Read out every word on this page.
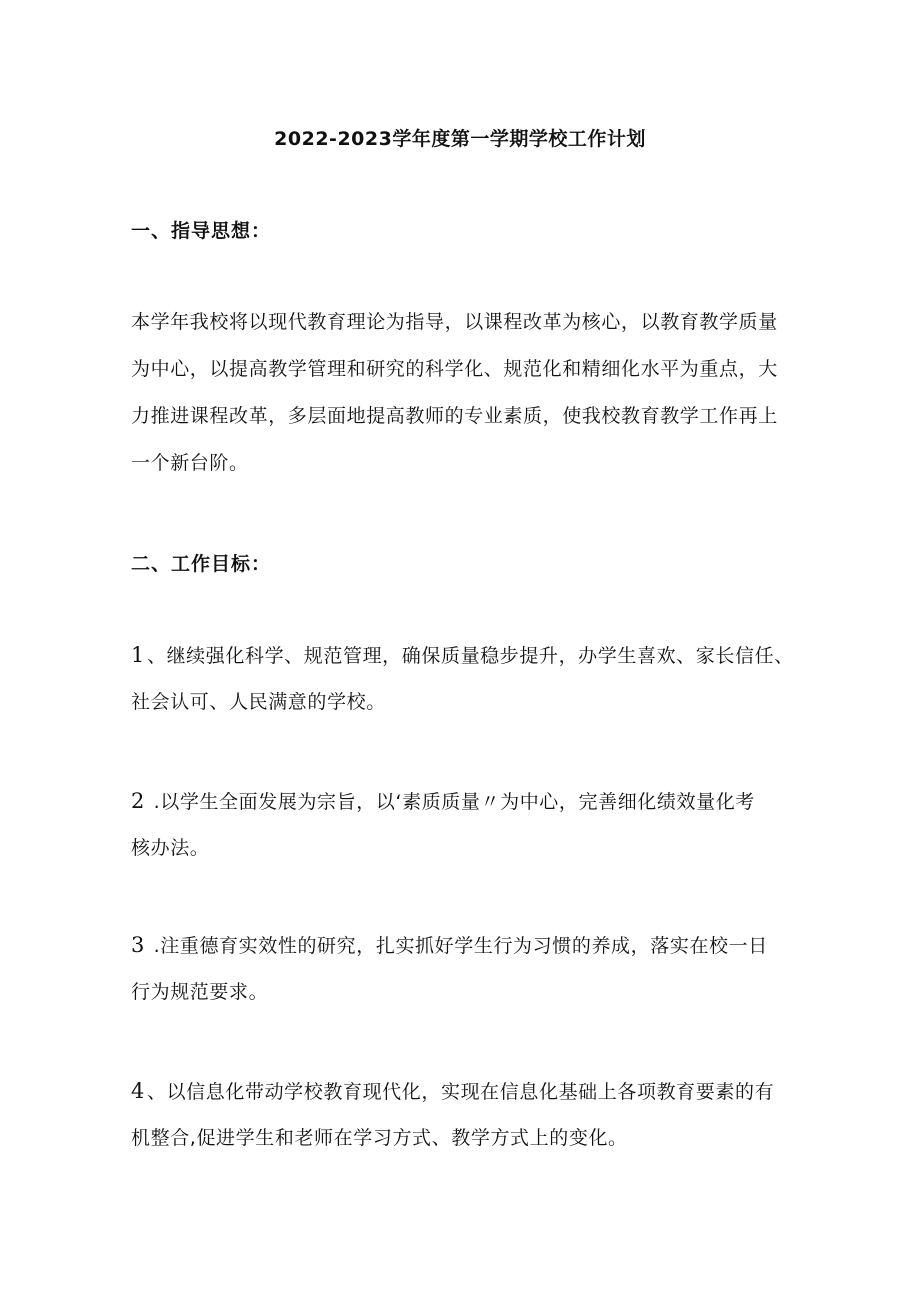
2022-2023学年度第一学期学校工作计划
一、指导思想：
本学年我校将以现代教育理论为指导，以课程改革为核心，以教育教学质量
为中心，以提高教学管理和研究的科学化、规范化和精细化水平为重点，大
力推进课程改革，多层面地提高教师的专业素质，使我校教育教学工作再上
一个新台阶。
二、工作目标：
1 、继续强化科学、规范管理，确保质量稳步提升，办学生喜欢、家长信任、
社会认可、人民满意的学校。
2 .以学生全面发展为宗旨，以‘素质质量〃为中心，完善细化绩效量化考
核办法。
3 .注重德育实效性的研究，扎实抓好学生行为习惯的养成，落实在校一日
行为规范要求。
4 、以信息化带动学校教育现代化，实现在信息化基础上各项教育要素的有
机整合,促进学生和老师在学习方式、教学方式上的变化。
